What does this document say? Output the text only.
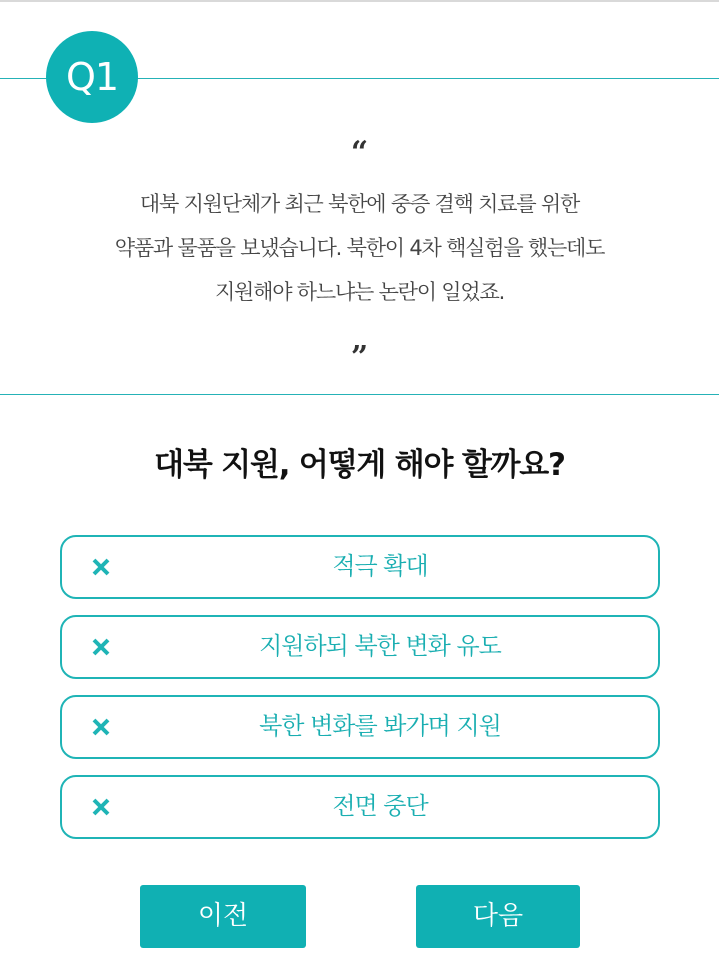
Q1
“
대북 지원단체가 최근 북한에 중증 결핵 치료를 위한
약품과 물품을 보냈습니다. 북한이 4차 핵실험을 했는데도
지원해야 하느냐는 논란이 일었죠.
”
대북 지원, 어떻게 해야 할까요?
적극 확대
지원하되 북한 변화 유도
북한 변화를 봐가며 지원
전면 중단
이전	다음
